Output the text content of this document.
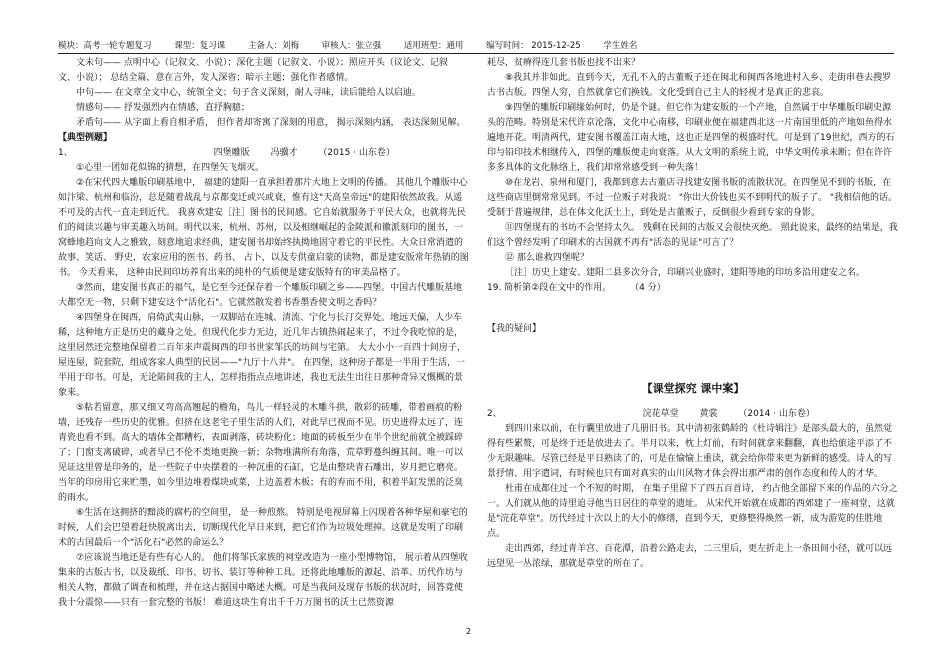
模块：高考一轮专题复习	课型：复习课	主备人：刘梅	审核人：张立强	适用班型：通用	编写时间： 2015-12-25	学生姓名

文未句—— 点明中心（记叙文、小说）；深化主题（记叙文、小说）；照应开头（议论文、记叙

文、小说）； 总结全篇，意在言外，发人深省；暗示主题；强化作者感情。

中句—— 在文章全文中心，统领全文；句子含义深刻，耐人寻味，读后能给人以启迪。

情感句—— 抒发强烈内在情感，直抒胸臆；

矛盾句—— 从字面上看自相矛盾， 但作者却寄寓了深刻的用意， 揭示深刻内涵， 表达深刻见解。

【典型例题】

1、	四堡雕版 冯骥才 （2015 · 山东卷）

①心里一团如花似锦的猜想，在四堡矢飞烟灭。

②在宋代四大雕版印刷基地中， 福建的建阳一直承担着那片大地上文明的传播。 其他几个雕版中心如汴梁、杭州和临汾，总是随着战乱与京都变迁或兴或衰，惟有这"天高皇帝远"的建阳依然故我。从遥不可及的古代一直走到近代。 我喜欢建安［注］图书的民间感。它自始就服务于平民大众，也就将先民们的阅读兴趣与审美趣入坊间。明代以来，杭州、苏州，以及相继崛起的金陵派和徽派刻印的图书，一窝蜂地趋向文人之雅致，刻意地追求经典，建安图书却始终执拗地固守着它的平民性。大众日常消遣的故事、笑话、 野史，农家应用的医书、药书、 占卜，以及专供童启蒙的读物，都是建安版常年热销的图书。 今天看来， 这种由民间印坊养育出来的纯朴的气质便是建安版特有的审美品格了。

③然而，建安图书真正的福气，是它至今还保存着一个雕版印刷之乡——四堡。中国古代雕版基地大都空无一物，只剩下建安这个"活化石"。它就然散发着书香墨香使文明之香吗？

④四堡身在闽西，肩倚武夷山脉，一双脚站在连城、清流、宁化与长汀交界处。地远天偏，人少车稀，这种地方正是历史的藏身之处。但现代化步力无边，近几年古镇热闹起来了，不过令我吃惊的是， 这里居然还完整地保留着二百年来声震闽西的印书世家邹氏的坊间与宅第。 大大小小一百四十间房子，屋连屋，院套院，组成客家人典型的民居——"九厅十八井"。 在四堡，这种房子都是一半用于生活，一半用于印书。可是，无论陷间我的主人，怎样指指点点地讲述，我也无法生出往日那种奇异又慨概的景象来。

⑤粘若留意，那又细又弯高高翘起的檐角，鸟儿一样轻灵的木雕斗拱，散彩的砖雕，带着画痕的粉墙，还残存一些历史的优雅。但挤在这老宅子里生活的人们，对此早已视而不见。历史进得太远了，连青瓷也看不到。高大的墙体全都糟朽，表面剥落，砖块粉化；地面的砖板至少在半个世纪前就全被踩碎了；门窗支离破碎，或者早已不伦不类地更换一新；杂物堆满所有角落，荒草野蔓纠缠其间。唯一可以见证这里曾是印务的，是一些院子中央摆着的一种沉重的石缸，它是由整块青石雕出，岁月把它磨亮。当年的印房用它来贮墨，如今里边堆着煤块或菜，上边盖着木板；有的弃而不用，积着半缸发黑的泛臭的雨水。

⑥生活在这拥挤的黯淡的腐朽的空间里， 是一种煎熬。 特别是电视屏幕上闪现着各种华屋和豪宅的时候，人们会巴望着赶快脱离出去，切断现代化早日来到，把它们作为垃圾处理掉。这就是发明了印刷术的古国最后一个"活化石"必然的命运么？

⑦应该说当地还是有些有心人的。 他们将邹氏家族的祠堂改造为一座小型博物馆， 展示着从四堡收集来的古版古书，以及裁纸、印书、切书、装订等种种工具。还将此地雕版的源起、沿革、历代作坊与相关人物，都做了调查和梳理，并在这占据国中略述大概。可是当我问及现存书版的状况时，回答竟使我十分震惊——只有一套完整的书版！ 难道这块生育出千千万万图书的沃土已然资源

耗尽，贫瘠得连几套书版也找不出来？

⑧我其并非如此。直到今天，无孔不入的古董贩子还在闽北和闽西各地进村入乡、走街串巷去搜罗古书古版。四堡人穷，自然就拿它们换钱。文化受到自己主人的轻视才是真正的悲哀。

⑨四堡的雕版印刷缘始何时，仍是个谜。但它作为建安版的一个产地，自然属于中华雕版印刷史源头的范畴。特别是宋代许京沦落，文化中心南移，印刷业便在福建西北这一片南国里低的产地如鱼得水遍地开花。明清两代，建安图书覆盖江南大地，这也正是四堡的极盛时代。可是到了19世纪，西方的石印与铅印技术相继传入，四堡的雕版便走向衰落。从大文明的系统上说，中华文明传承未断；但在许许多多具体的文化脉络上，我们却常常感受到一种失落！

⑩在龙岩、泉州和厦门，我都到意去古董店寻找建安图书版的流散状况。在四堡见不到的书版，在这些商店里倒常常见到。不过一位贩子对我说： "你出大价钱也买不到明代的版子了。 "我相信他的话。受制于普遍规律，总在体文化沃土上，到处是古董贩子，反倒很少看到专家的身影。

⑪四堡现有的书坊不会坚持太久。 残剩在民间的古版又会很快灭绝。 照此说来，最终的结果是，我们这个曾经发明了印刷术的古国就不再有"活态的见证"可言了？

⑫ 那么谁救四堡呢？

［注］历史上建安、建阳二县多次分合，印刷兴业盛时，建阳等地的印坊多沿用建安之名。

19. 简析第②段在文中的作用。 （4 分）

【我的疑问】

【课堂探究 课中案】

2、	浣花草堂 黄裳 （2014 · 山东卷）

到四川来以前，在行囊里放进了几册旧书。其中清初张鹤龄的《杜诗辑注》是部头最大的，虽然觉得有些累赘，可是终于还是放进去了。半月以来，枕上灯前，有时间就拿来翻翻，真也给旅途平添了不少无限趣味。尽管已经是平日熟读了的，可是在愉愉上重读，就会给你带来更为新鲜的感受。诗人的写景抒情、用字遣词，有时候也只有面对真实的山川风物才体会得出那严肃的创作态度和传人的才华。

杜甫在成都住过一个不短的时期， 在集子里留下了四五百首诗， 约占他全部留下来的作品的六分之一。人们就从他的诗里追寻他当日居住的草堂的遗址。 从宋代开始就在成都的西郊建了一座祠堂，这就是"浣花草堂"。历代经过十次以上的大小的修缮，直到今天，更修整得焕然一新，成为游览的佳胜地点。

走出西郊，经过青羊宫、百花潭，沿着公路走去，二三里后，更左折走上一条田间小径，就可以远远望见一丛浓绿，那就是草堂的所在了。

2
